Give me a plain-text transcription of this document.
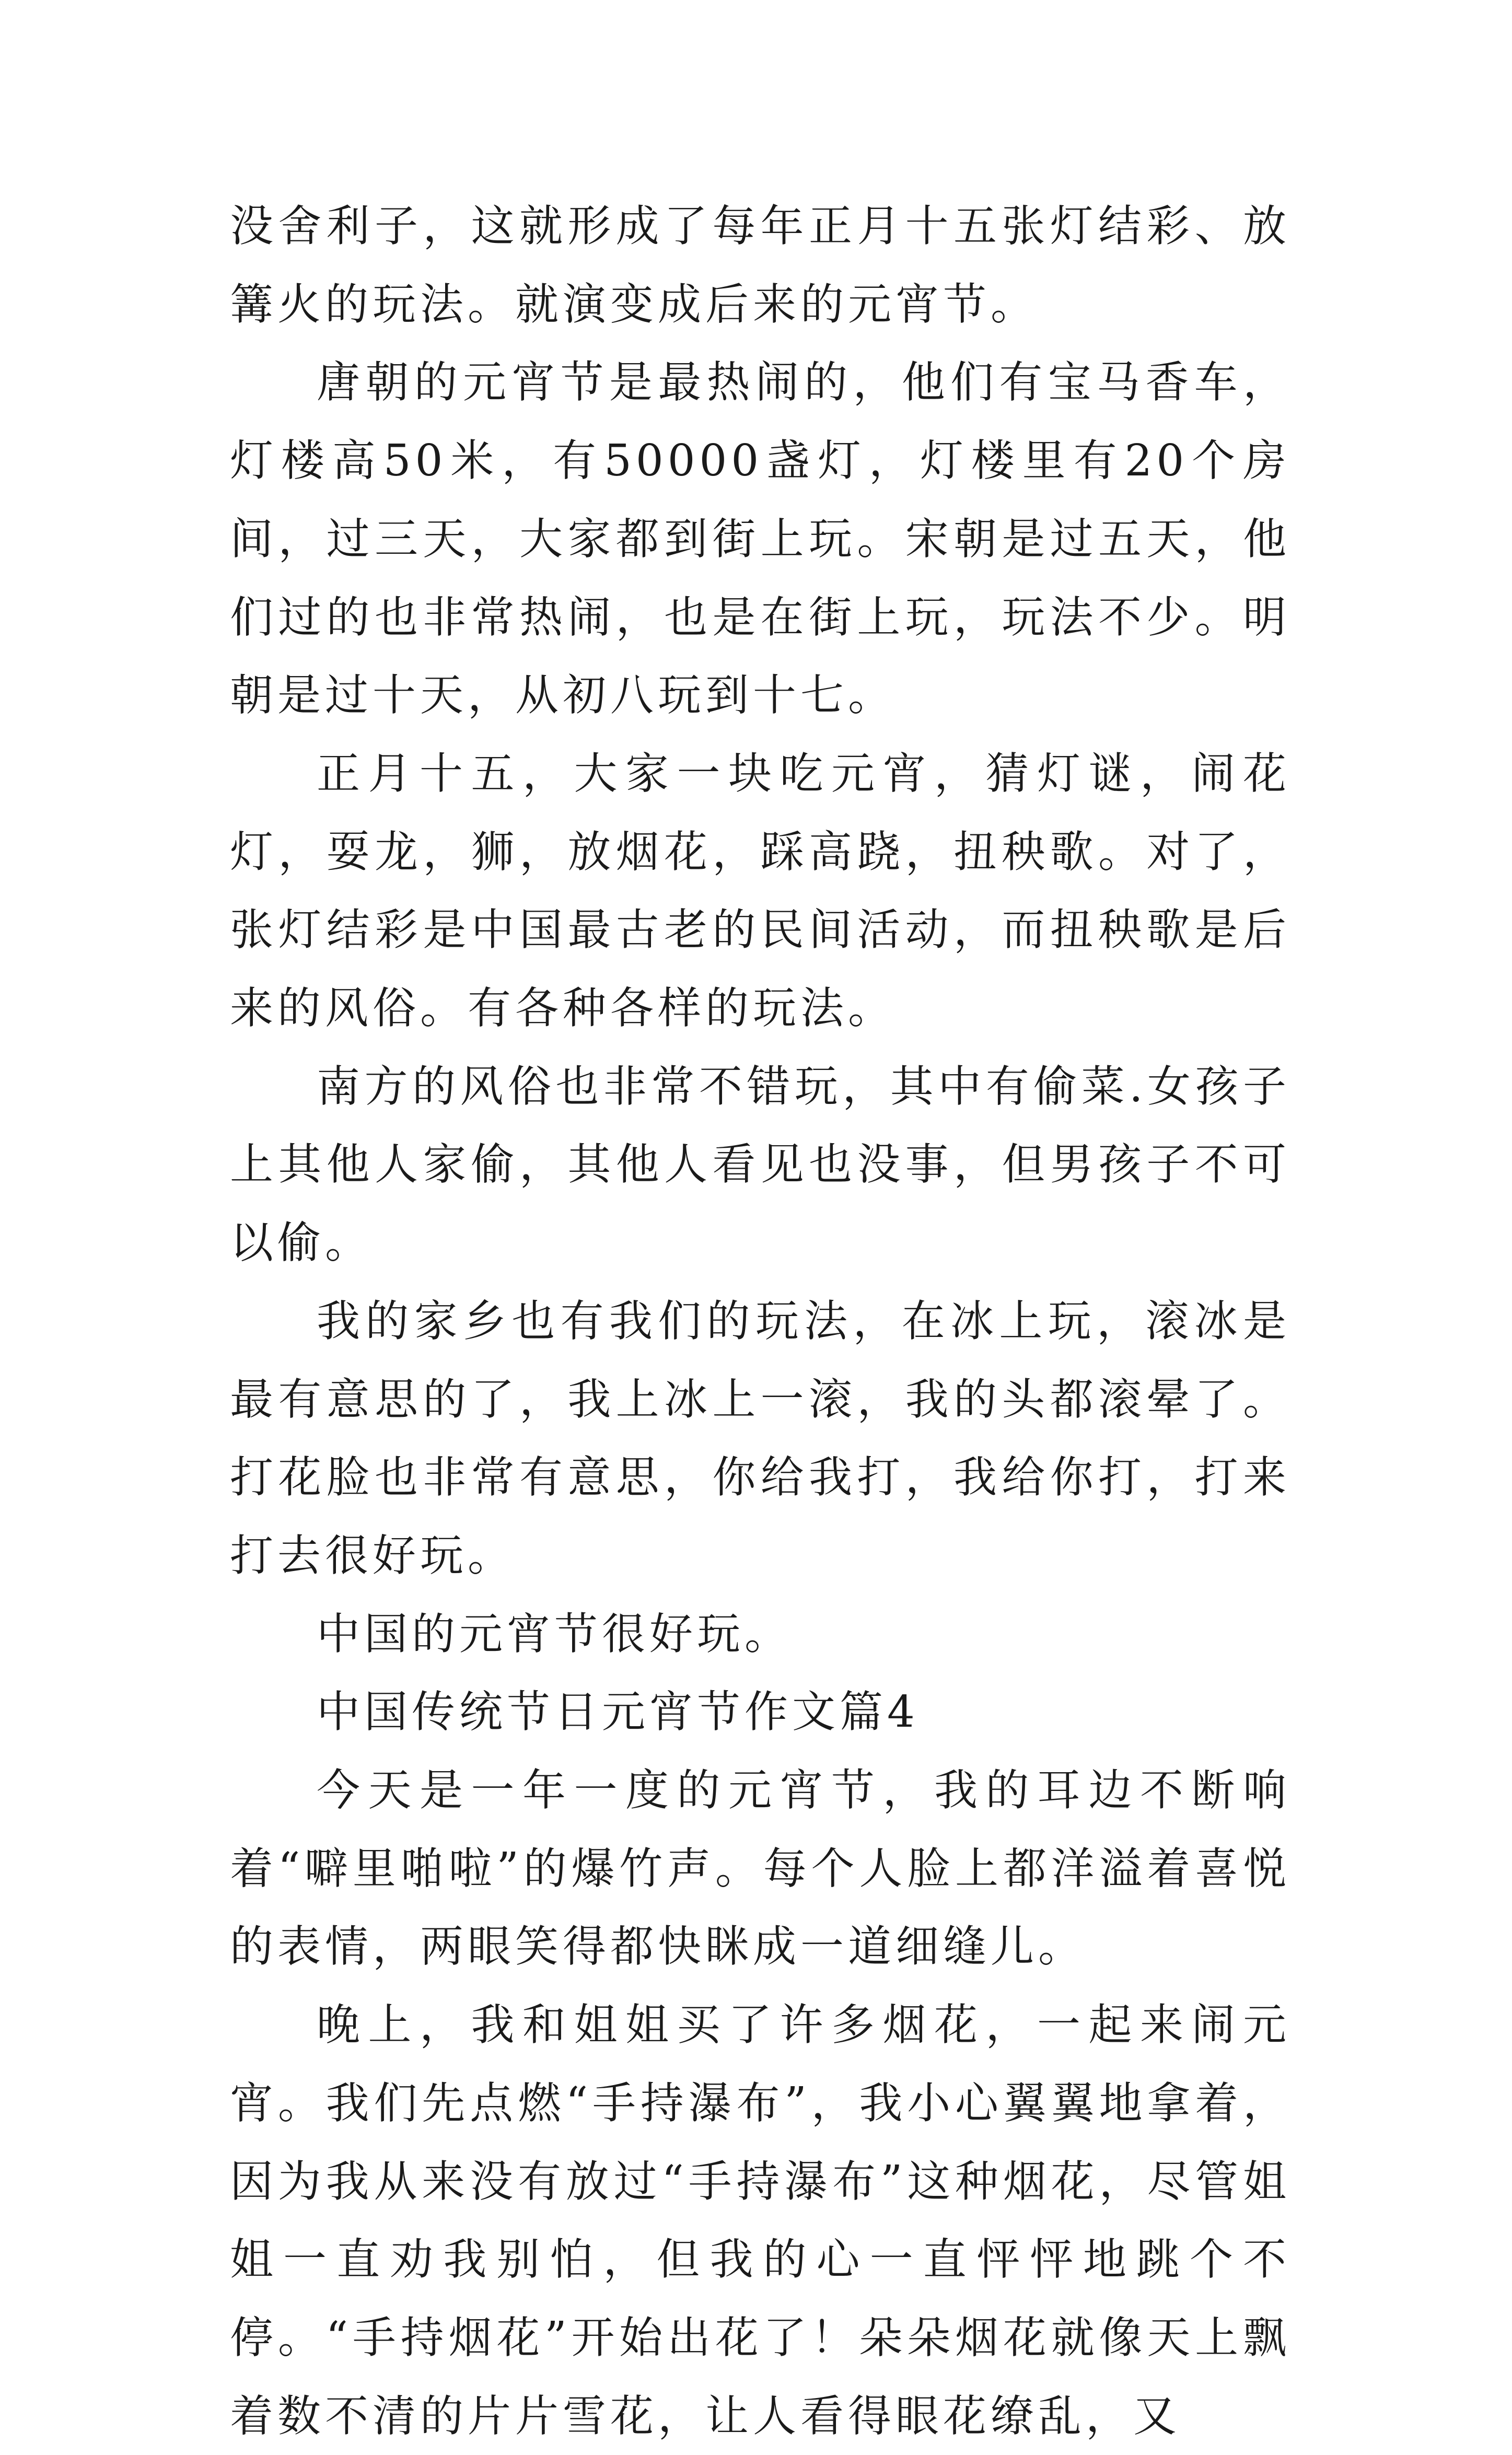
没舍利子，这就形成了每年正月十五张灯结彩、放篝火的玩法。就演变成后来的元宵节。

唐朝的元宵节是最热闹的，他们有宝马香车，灯楼高50米，有50000盏灯，灯楼里有20个房间，过三天，大家都到街上玩。宋朝是过五天，他们过的也非常热闹，也是在街上玩，玩法不少。明朝是过十天，从初八玩到十七。

正月十五，大家一块吃元宵，猜灯谜，闹花灯，耍龙，狮，放烟花，踩高跷，扭秧歌。对了，张灯结彩是中国最古老的民间活动，而扭秧歌是后来的风俗。有各种各样的玩法。

南方的风俗也非常不错玩，其中有偷菜.女孩子上其他人家偷，其他人看见也没事，但男孩子不可以偷。

我的家乡也有我们的玩法，在冰上玩，滚冰是最有意思的了，我上冰上一滚，我的头都滚晕了。打花脸也非常有意思，你给我打，我给你打，打来打去很好玩。

中国的元宵节很好玩。

中国传统节日元宵节作文篇4

今天是一年一度的元宵节，我的耳边不断响着“噼里啪啦”的爆竹声。每个人脸上都洋溢着喜悦的表情，两眼笑得都快眯成一道细缝儿。

晚上，我和姐姐买了许多烟花，一起来闹元宵。我们先点燃“手持瀑布”，我小心翼翼地拿着，因为我从来没有放过“手持瀑布”这种烟花，尽管姐姐一直劝我别怕，但我的心一直怦怦地跳个不停。“手持烟花”开始出花了！朵朵烟花就像天上飘着数不清的片片雪花，让人看得眼花缭乱，又
